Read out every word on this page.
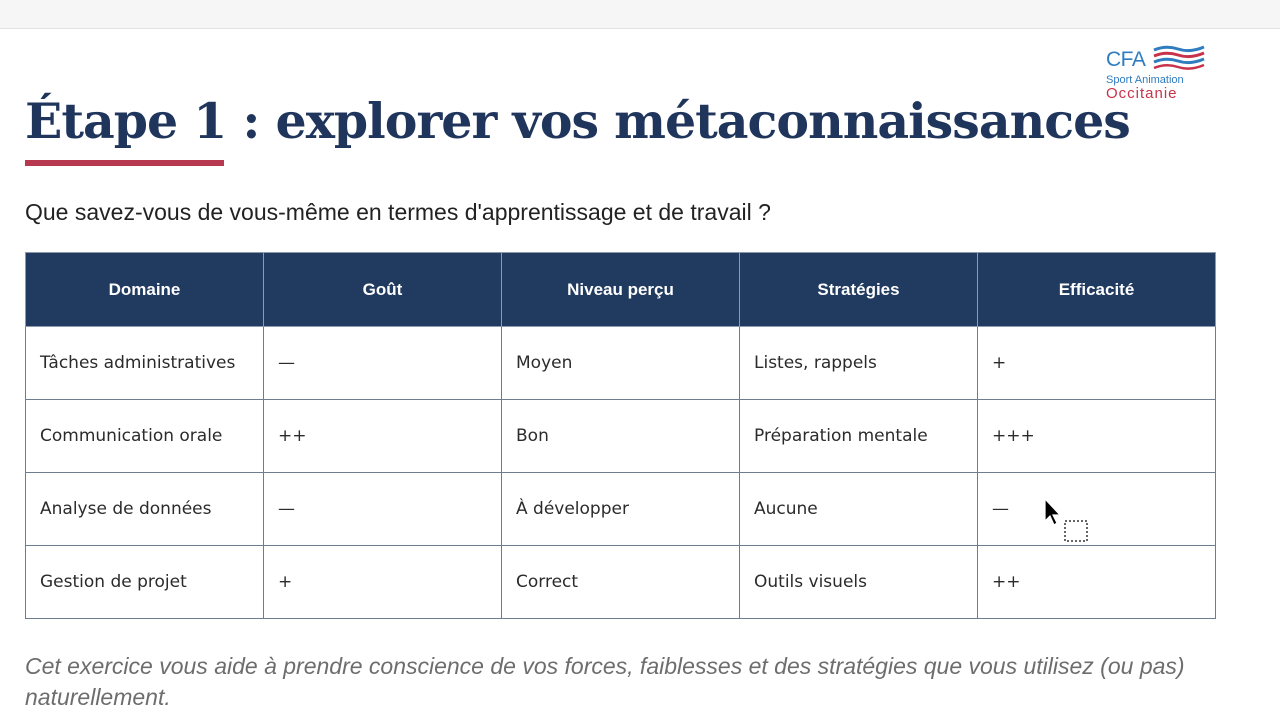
CFA
Sport Animation
Occitanie
Étape 1 : explorer vos métaconnaissances

Que savez-vous de vous-même en termes d'apprentissage et de travail ?

Domaine	Goût	Niveau perçu	Stratégies	Efficacité
Tâches administratives	—	Moyen	Listes, rappels	+
Communication orale	++	Bon	Préparation mentale	+++
Analyse de données	—	À développer	Aucune	—
Gestion de projet	+	Correct	Outils visuels	++

Cet exercice vous aide à prendre conscience de vos forces, faiblesses et des stratégies que vous utilisez (ou pas) naturellement.
